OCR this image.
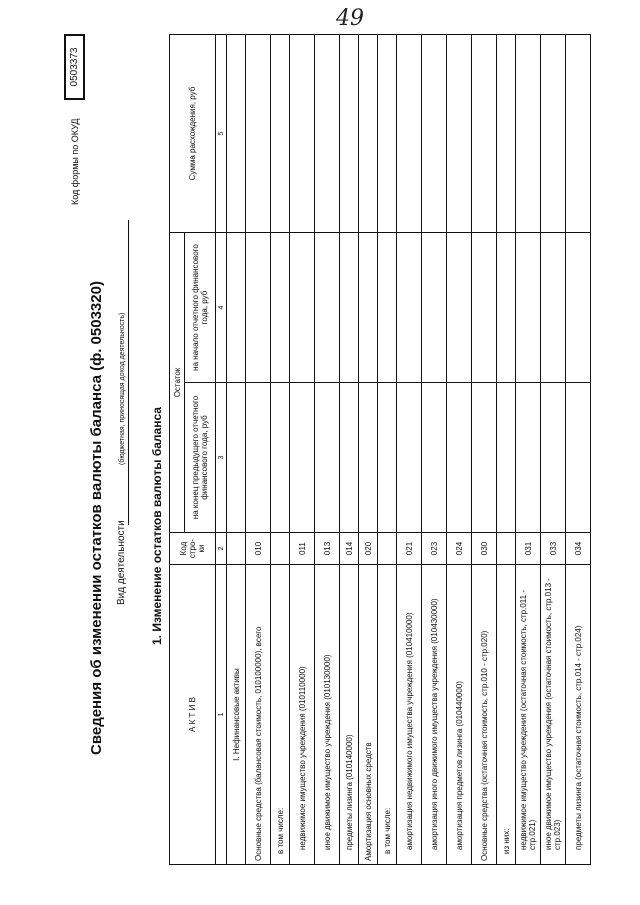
49
Код формы по ОКУД
0503373
Сведения об изменении остатков валюты баланса (ф. 0503320) Вид деятельности
(бюджетная, приносящая доход деятельность)
1. Изменение остатков валюты баланса
А К Т И В	Код стро- ки	Остаток		Сумма расхождения, руб
		на конец предыдущего отчетного финансового года, руб	на начало отчетного финансового года, руб	
1	2	3	4	5
I. Нефинансовые активы				
Основные средства (балансовая стоимость, 010100000), всего	010			
в том числе:				
недвижимое имущество учреждения (010110000)	011			
иное движимое имущество учреждения (010130000)	013			
предметы лизинга (010140000)	014			
Амортизация основных средств	020			
в том числе:				
амортизация недвижимого имущества учреждения (010410000)	021			
амортизация иного движимого имущества учреждения (010430000)	023			
амортизация предметов лизинга (010440000)	024			
Основные средства (остаточная стоимость, стр.010 - стр.020)	030			
из них:				
недвижимое имущество учреждения (остаточная стоимость, стр.011 - стр.021)	031			
иное движимое имущество учреждения (остаточная стоимость, стр.013 - стр.023)	033			
предметы лизинга (остаточная стоимость, стр.014 - стр.024)	034			
